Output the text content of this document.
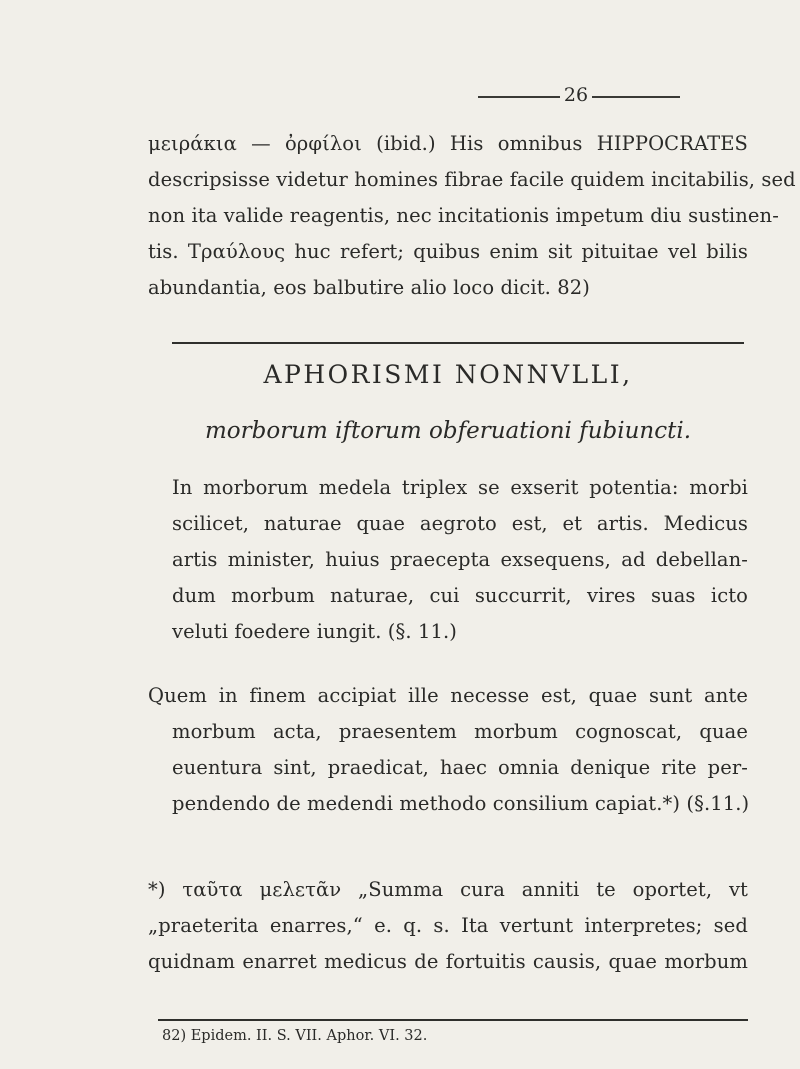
26
μειράκια — ὀρφίλοι (ibid.) His omnibus HIPPOCRATES
descripsisse videtur homines fibrae facile quidem incitabilis, sed
non ita valide reagentis, nec incitationis impetum diu sustinen-
tis. Τραύλους huc refert; quibus enim sit pituitae vel bilis
abundantia, eos balbutire alio loco dicit. 82)
APHORISMI NONNVLLI,
morborum iftorum obferuationi fubiuncti.
In morborum medela triplex se exserit potentia: morbi
scilicet, naturae quae aegroto est, et artis. Medicus
artis minister, huius praecepta exsequens, ad debellan-
dum morbum naturae, cui succurrit, vires suas icto
veluti foedere iungit. (§. 11.)
Quem in finem accipiat ille necesse est, quae sunt ante
morbum acta, praesentem morbum cognoscat, quae
euentura sint, praedicat, haec omnia denique rite per-
pendendo de medendi methodo consilium capiat.*) (§.11.)
*) ταῦτα μελετᾶν „Summa cura anniti te oportet, vt
„praeterita enarres,“ e. q. s. Ita vertunt interpretes; sed
quidnam enarret medicus de fortuitis causis, quae morbum
82) Epidem. II. S. VII. Aphor. VI. 32.
